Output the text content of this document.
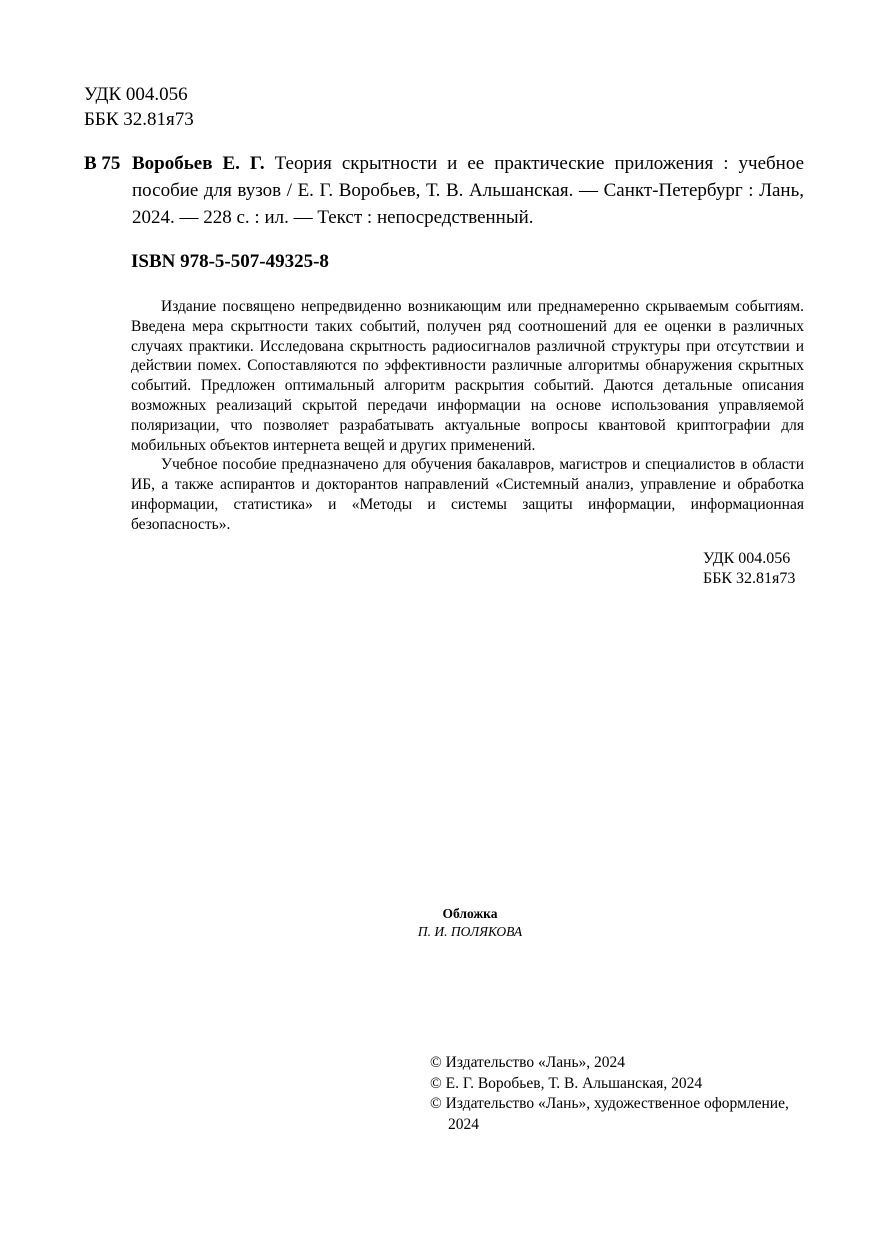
УДК 004.056
ББК 32.81я73
В 75 Воробьев Е. Г. Теория скрытности и ее практические приложения : учебное пособие для вузов / Е. Г. Воробьев, Т. В. Альшанская. — Санкт-Петербург : Лань, 2024. — 228 с. : ил. — Текст : непосредственный.
ISBN 978-5-507-49325-8

Издание посвящено непредвиденно возникающим или преднамеренно скрываемым событиям. Введена мера скрытности таких событий, получен ряд соотношений для ее оценки в различных случаях практики. Исследована скрытность радиосигналов различной структуры при отсутствии и действии помех. Сопоставляются по эффективности различные алгоритмы обнаружения скрытных событий. Предложен оптимальный алгоритм раскрытия событий. Даются детальные описания возможных реализаций скрытой передачи информации на основе использования управляемой поляризации, что позволяет разрабатывать актуальные вопросы квантовой криптографии для мобильных объектов интернета вещей и других применений.

Учебное пособие предназначено для обучения бакалавров, магистров и специалистов в области ИБ, а также аспирантов и докторантов направлений «Системный анализ, управление и обработка информации, статистика» и «Методы и системы защиты информации, информационная безопасность».

УДК 004.056
ББК 32.81я73
Обложка
П. И. ПОЛЯКОВА
© Издательство «Лань», 2024
© Е. Г. Воробьев, Т. В. Альшанская, 2024
© Издательство «Лань», художественное оформление, 2024
